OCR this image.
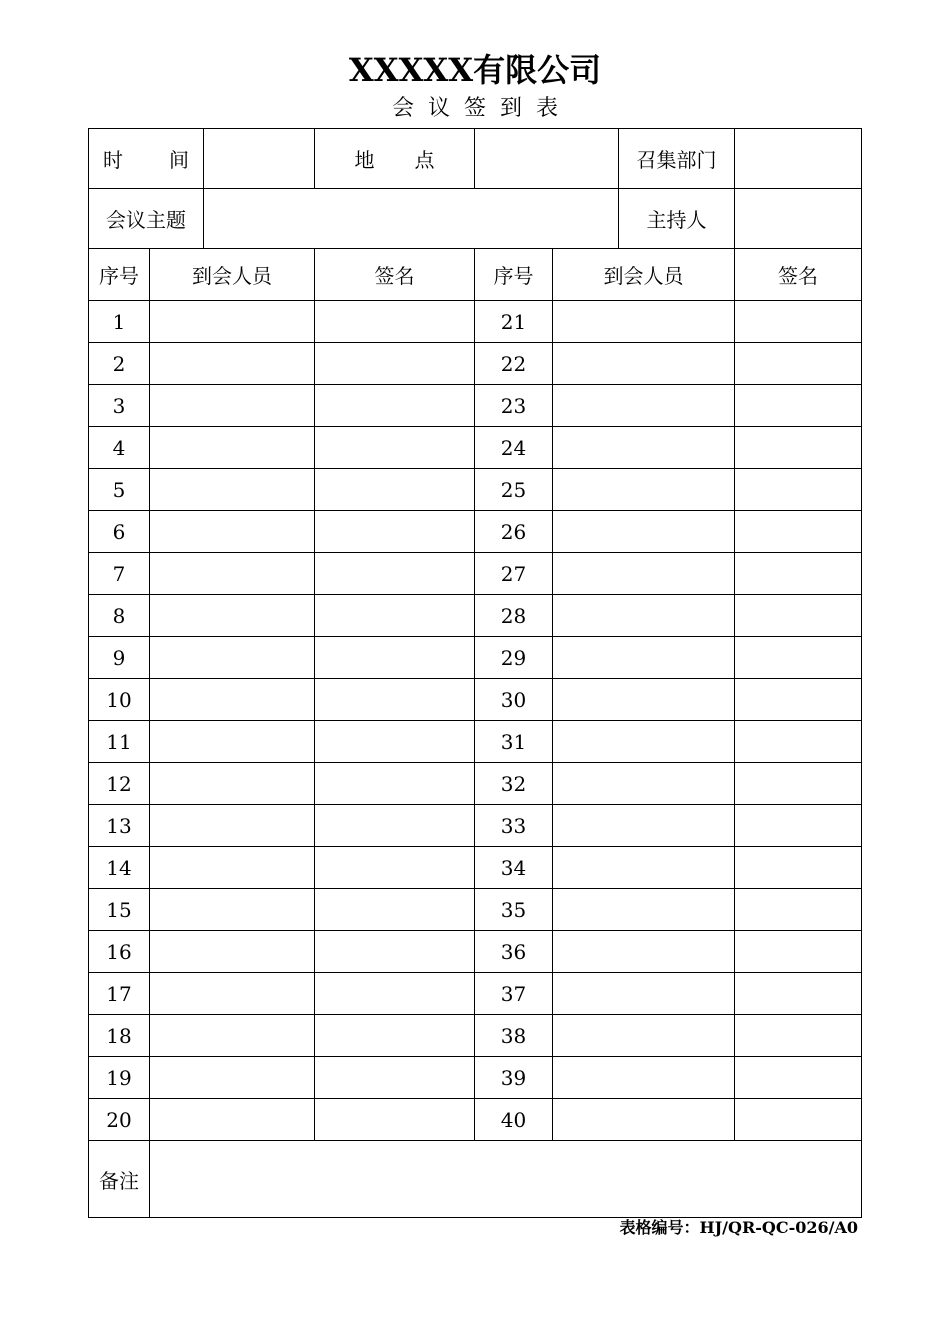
XXXXX有限公司
会议签到表
时　　间			地　　点			召集部门	
会议主题						主持人	
序号	到会人员		签名	序号	到会人员		签名
1				21			
2				22			
3				23			
4				24			
5				25			
6				26			
7				27			
8				28			
9				29			
10				30			
11				31			
12				32			
13				33			
14				34			
15				35			
16				36			
17				37			
18				38			
19				39			
20				40			
备注							
表格编号：HJ/QR-QC-026/A0
